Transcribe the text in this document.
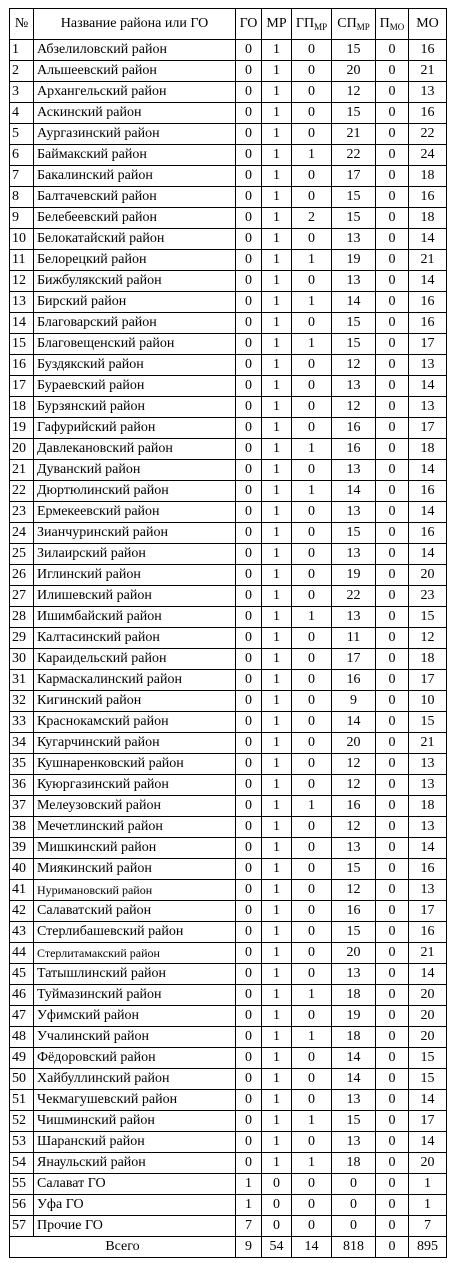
№	Название района или ГО	ГО	МР	$ГП_{МР}$	$СП_{МР}$	$П_{МО}$	МО
1	Абзелиловский район	0	1	0	15	0	16
2	Альшеевский район	0	1	0	20	0	21
3	Архангельский район	0	1	0	12	0	13
4	Аскинский район	0	1	0	15	0	16
5	Аургазинский район	0	1	0	21	0	22
6	Баймакский район	0	1	1	22	0	24
7	Бакалинский район	0	1	0	17	0	18
8	Балтачевский район	0	1	0	15	0	16
9	Белебеевский район	0	1	2	15	0	18
10	Белокатайский район	0	1	0	13	0	14
11	Белорецкий район	0	1	1	19	0	21
12	Бижбулякский район	0	1	0	13	0	14
13	Бирский район	0	1	1	14	0	16
14	Благоварский район	0	1	0	15	0	16
15	Благовещенский район	0	1	1	15	0	17
16	Буздякский район	0	1	0	12	0	13
17	Бураевский район	0	1	0	13	0	14
18	Бурзянский район	0	1	0	12	0	13
19	Гафурийский район	0	1	0	16	0	17
20	Давлекановский район	0	1	1	16	0	18
21	Дуванский район	0	1	0	13	0	14
22	Дюртюлинский район	0	1	1	14	0	16
23	Ермекеевский район	0	1	0	13	0	14
24	Зианчуринский район	0	1	0	15	0	16
25	Зилаирский район	0	1	0	13	0	14
26	Иглинский район	0	1	0	19	0	20
27	Илишевский район	0	1	0	22	0	23
28	Ишимбайский район	0	1	1	13	0	15
29	Калтасинский район	0	1	0	11	0	12
30	Караидельский район	0	1	0	17	0	18
31	Кармаскалинский район	0	1	0	16	0	17
32	Кигинский район	0	1	0	9	0	10
33	Краснокамский район	0	1	0	14	0	15
34	Кугарчинский район	0	1	0	20	0	21
35	Кушнаренковский район	0	1	0	12	0	13
36	Куюргазинский район	0	1	0	12	0	13
37	Мелеузовский район	0	1	1	16	0	18
38	Мечетлинский район	0	1	0	12	0	13
39	Мишкинский район	0	1	0	13	0	14
40	Миякинский район	0	1	0	15	0	16
41	Нуримановский район	0	1	0	12	0	13
42	Салаватский район	0	1	0	16	0	17
43	Стерлибашевский район	0	1	0	15	0	16
44	Стерлитамакский район	0	1	0	20	0	21
45	Татышлинский район	0	1	0	13	0	14
46	Туймазинский район	0	1	1	18	0	20
47	Уфимский район	0	1	0	19	0	20
48	Учалинский район	0	1	1	18	0	20
49	Фёдоровский район	0	1	0	14	0	15
50	Хайбуллинский район	0	1	0	14	0	15
51	Чекмагушевский район	0	1	0	13	0	14
52	Чишминский район	0	1	1	15	0	17
53	Шаранский район	0	1	0	13	0	14
54	Янаульский район	0	1	1	18	0	20
55	Салават ГО	1	0	0	0	0	1
56	Уфа ГО	1	0	0	0	0	1
57	Прочие ГО	7	0	0	0	0	7
Всего		9	54	14	818	0	895
